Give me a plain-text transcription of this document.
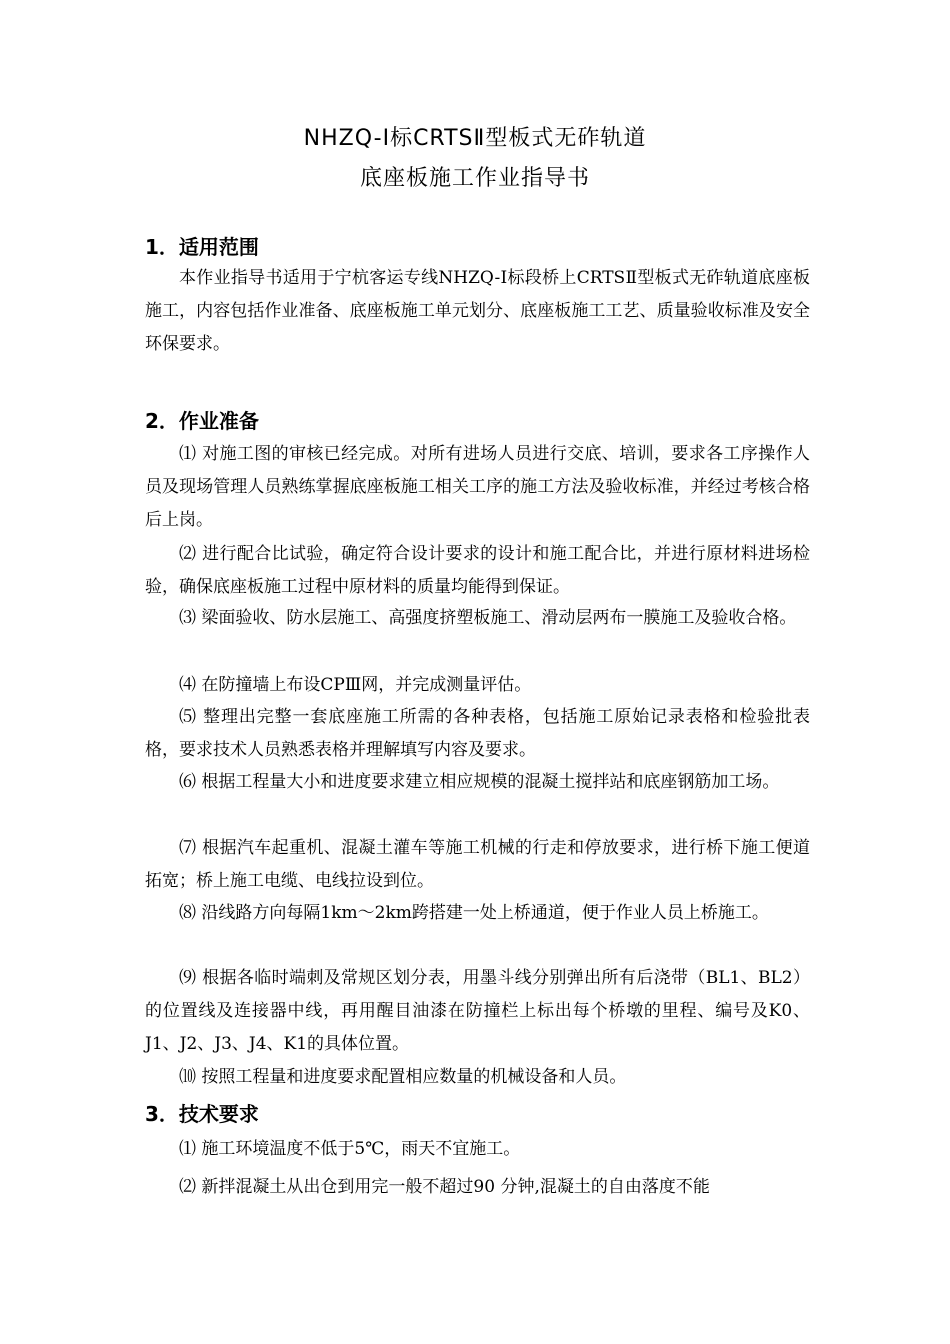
NHZQ-Ⅰ标CRTSⅡ型板式无砟轨道
底座板施工作业指导书
1．适用范围

本作业指导书适用于宁杭客运专线NHZQ-Ⅰ标段桥上CRTSⅡ型板式无砟轨道底座板施工，内容包括作业准备、底座板施工单元划分、底座板施工工艺、质量验收标准及安全环保要求。

2．作业准备

⑴ 对施工图的审核已经完成。对所有进场人员进行交底、培训，要求各工序操作人员及现场管理人员熟练掌握底座板施工相关工序的施工方法及验收标准，并经过考核合格后上岗。

⑵ 进行配合比试验，确定符合设计要求的设计和施工配合比，并进行原材料进场检验，确保底座板施工过程中原材料的质量均能得到保证。

⑶ 梁面验收、防水层施工、高强度挤塑板施工、滑动层两布一膜施工及验收合格。

⑷ 在防撞墙上布设CPⅢ网，并完成测量评估。

⑸ 整理出完整一套底座施工所需的各种表格，包括施工原始记录表格和检验批表格，要求技术人员熟悉表格并理解填写内容及要求。

⑹ 根据工程量大小和进度要求建立相应规模的混凝土搅拌站和底座钢筋加工场。

⑺ 根据汽车起重机、混凝土灌车等施工机械的行走和停放要求，进行桥下施工便道拓宽；桥上施工电缆、电线拉设到位。

⑻ 沿线路方向每隔1km～2km跨搭建一处上桥通道，便于作业人员上桥施工。

⑼ 根据各临时端刺及常规区划分表，用墨斗线分别弹出所有后浇带（BL1、BL2）的位置线及连接器中线，再用醒目油漆在防撞栏上标出每个桥墩的里程、编号及K0、J1、J2、J3、J4、K1的具体位置。

⑽ 按照工程量和进度要求配置相应数量的机械设备和人员。

3．技术要求

⑴ 施工环境温度不低于5℃，雨天不宜施工。

⑵ 新拌混凝土从出仓到用完一般不超过90 分钟,混凝土的自由落度不能
